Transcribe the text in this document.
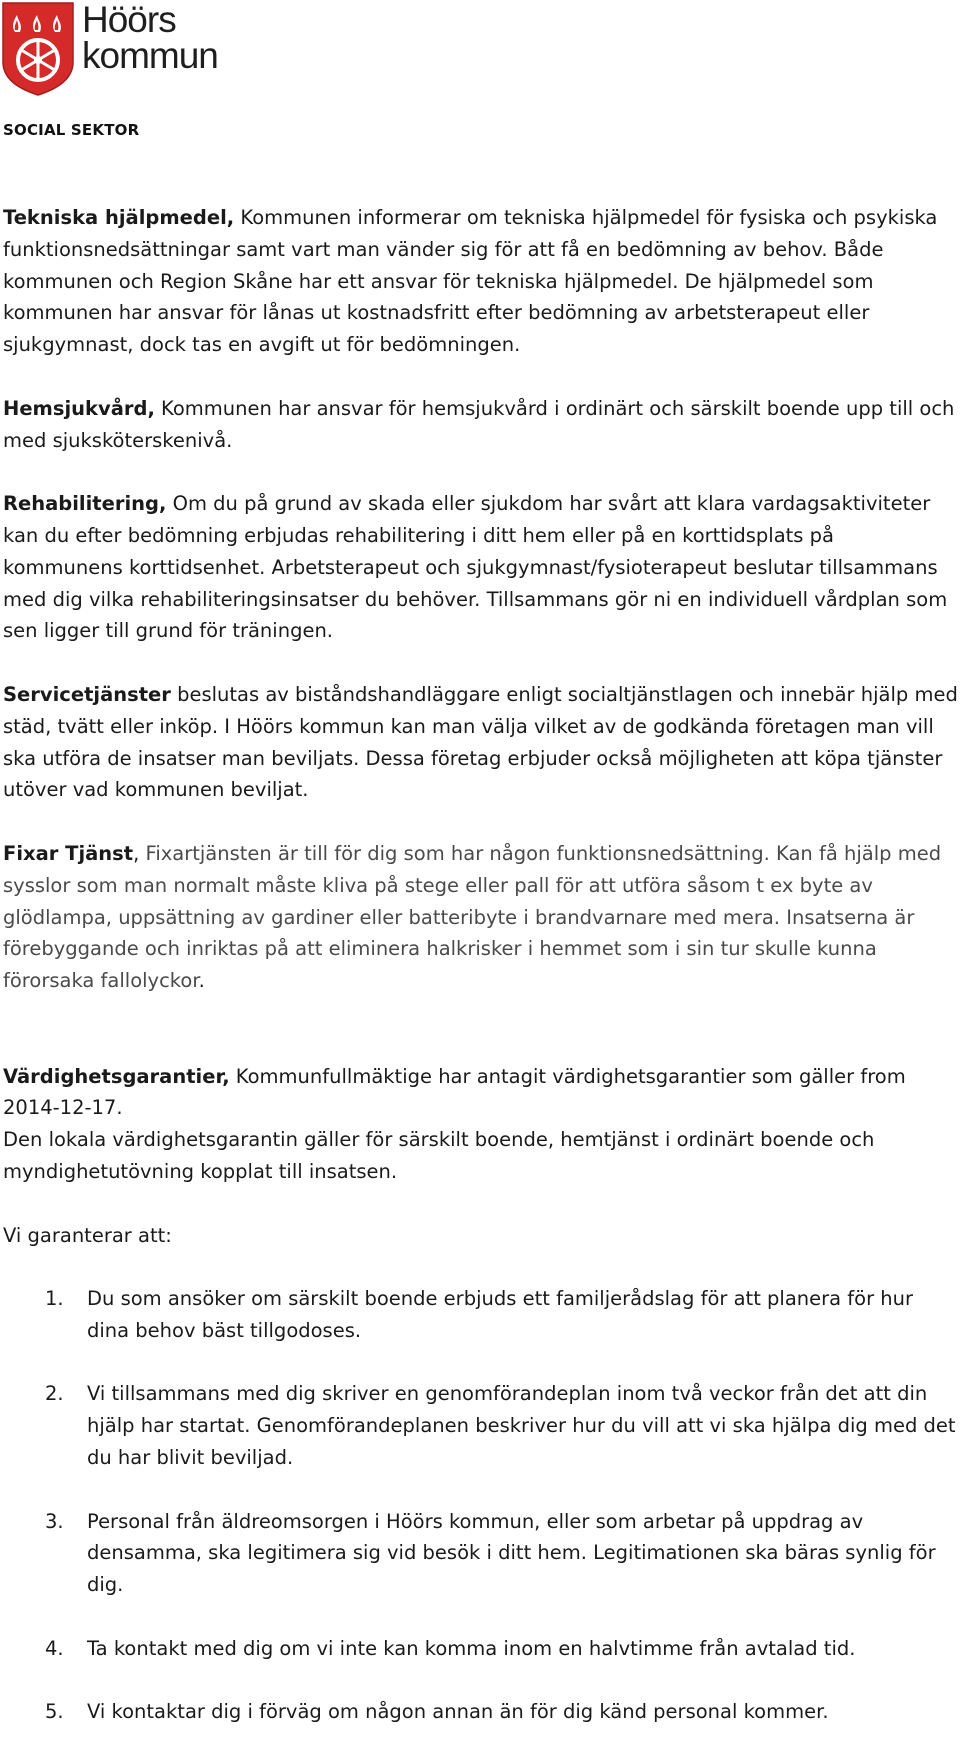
Höörs
kommun
SOCIAL SEKTOR

Tekniska hjälpmedel, Kommunen informerar om tekniska hjälpmedel för fysiska och psykiska funktionsnedsättningar samt vart man vänder sig för att få en bedömning av behov. Både kommunen och Region Skåne har ett ansvar för tekniska hjälpmedel. De hjälpmedel som kommunen har ansvar för lånas ut kostnadsfritt efter bedömning av arbetsterapeut eller sjukgymnast, dock tas en avgift ut för bedömningen.

Hemsjukvård, Kommunen har ansvar för hemsjukvård i ordinärt och särskilt boende upp till och med sjuksköterskenivå.

Rehabilitering, Om du på grund av skada eller sjukdom har svårt att klara vardagsaktiviteter kan du efter bedömning erbjudas rehabilitering i ditt hem eller på en korttidsplats på kommunens korttidsenhet. Arbetsterapeut och sjukgymnast/fysioterapeut beslutar tillsammans med dig vilka rehabiliteringsinsatser du behöver. Tillsammans gör ni en individuell vårdplan som sen ligger till grund för träningen.

Servicetjänster beslutas av biståndshandläggare enligt socialtjänstlagen och innebär hjälp med städ, tvätt eller inköp. I Höörs kommun kan man välja vilket av de godkända företagen man vill ska utföra de insatser man beviljats. Dessa företag erbjuder också möjligheten att köpa tjänster utöver vad kommunen beviljat.

Fixar Tjänst, Fixartjänsten är till för dig som har någon funktionsnedsättning. Kan få hjälp med sysslor som man normalt måste kliva på stege eller pall för att utföra såsom t ex byte av glödlampa, uppsättning av gardiner eller batteribyte i brandvarnare med mera. Insatserna är förebyggande och inriktas på att eliminera halkrisker i hemmet som i sin tur skulle kunna förorsaka fallolyckor.

Värdighetsgarantier, Kommunfullmäktige har antagit värdighetsgarantier som gäller from 2014-12-17.
Den lokala värdighetsgarantin gäller för särskilt boende, hemtjänst i ordinärt boende och myndighetutövning kopplat till insatsen.

Vi garanterar att:

1. Du som ansöker om särskilt boende erbjuds ett familjerådslag för att planera för hur dina behov bäst tillgodoses.
2. Vi tillsammans med dig skriver en genomförandeplan inom två veckor från det att din hjälp har startat. Genomförandeplanen beskriver hur du vill att vi ska hjälpa dig med det du har blivit beviljad.
3. Personal från äldreomsorgen i Höörs kommun, eller som arbetar på uppdrag av densamma, ska legitimera sig vid besök i ditt hem. Legitimationen ska bäras synlig för dig.
4. Ta kontakt med dig om vi inte kan komma inom en halvtimme från avtalad tid.
5. Vi kontaktar dig i förväg om någon annan än för dig känd personal kommer.
